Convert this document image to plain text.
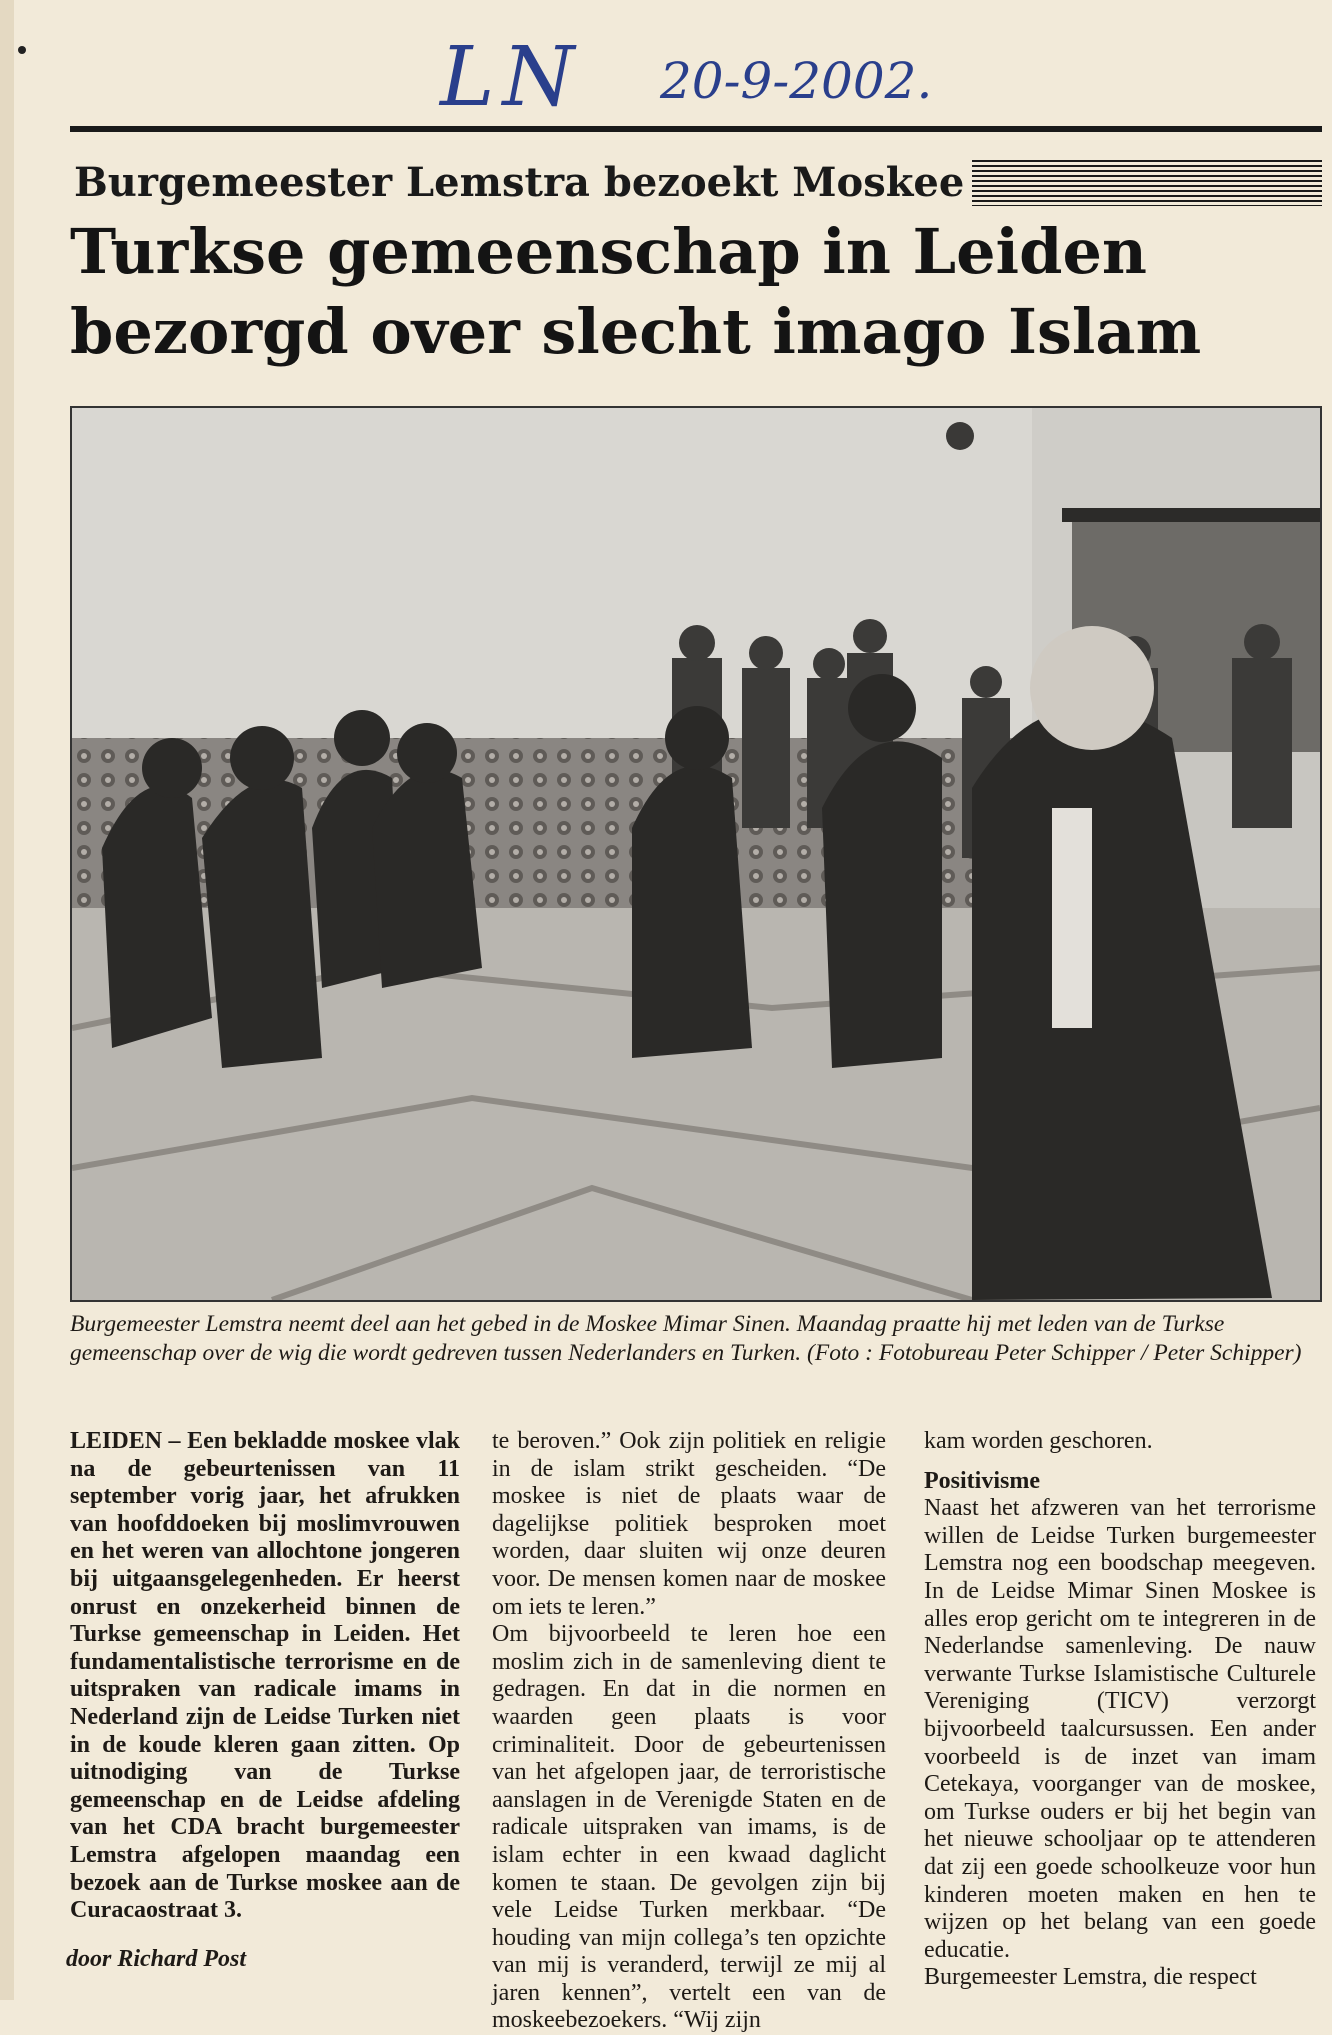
LN 20-9-2002.
Burgemeester Lemstra bezoekt Moskee
Turkse gemeenschap in Leiden
bezorgd over slecht imago Islam

Burgemeester Lemstra neemt deel aan het gebed in de Moskee Mimar Sinen. Maandag praatte hij met leden van de Turkse gemeenschap over de wig die wordt gedreven tussen Nederlanders en Turken. (Foto : Fotobureau Peter Schipper / Peter Schipper)

LEIDEN – Een bekladde moskee vlak na de gebeurtenissen van 11 september vorig jaar, het afrukken van hoofddoeken bij moslimvrouwen en het weren van allochtone jongeren bij uitgaansgelegenheden. Er heerst onrust en onzekerheid binnen de Turkse gemeenschap in Leiden. Het fundamentalistische terrorisme en de uitspraken van radicale imams in Nederland zijn de Leidse Turken niet in de koude kleren gaan zitten. Op uitnodiging van de Turkse gemeenschap en de Leidse afdeling van het CDA bracht burgemeester Lemstra afgelopen maandag een bezoek aan de Turkse moskee aan de Curacaostraat 3.

door Richard Post

te beroven.” Ook zijn politiek en religie in de islam strikt gescheiden. “De moskee is niet de plaats waar de dagelijkse politiek besproken moet worden, daar sluiten wij onze deuren voor. De mensen komen naar de moskee om iets te leren.”

Om bijvoorbeeld te leren hoe een moslim zich in de samenleving dient te gedragen. En dat in die normen en waarden geen plaats is voor criminaliteit. Door de gebeurtenissen van het afgelopen jaar, de terroristische aanslagen in de Verenigde Staten en de radicale uitspraken van imams, is de islam echter in een kwaad daglicht komen te staan. De gevolgen zijn bij vele Leidse Turken merkbaar. “De houding van mijn collega’s ten opzichte van mij is veranderd, terwijl ze mij al jaren kennen”, vertelt een van de moskeebezoekers. “Wij zijn

kam worden geschoren.

Positivisme

Naast het afzweren van het terrorisme willen de Leidse Turken burgemeester Lemstra nog een boodschap meegeven. In de Leidse Mimar Sinen Moskee is alles erop gericht om te integreren in de Nederlandse samenleving. De nauw verwante Turkse Islamistische Culturele Vereniging (TICV) verzorgt bijvoorbeeld taalcursussen. Een ander voorbeeld is de inzet van imam Cetekaya, voorganger van de moskee, om Turkse ouders er bij het begin van het nieuwe schooljaar op te attenderen dat zij een goede schoolkeuze voor hun kinderen moeten maken en hen te wijzen op het belang van een goede educatie.

Burgemeester Lemstra, die respect
